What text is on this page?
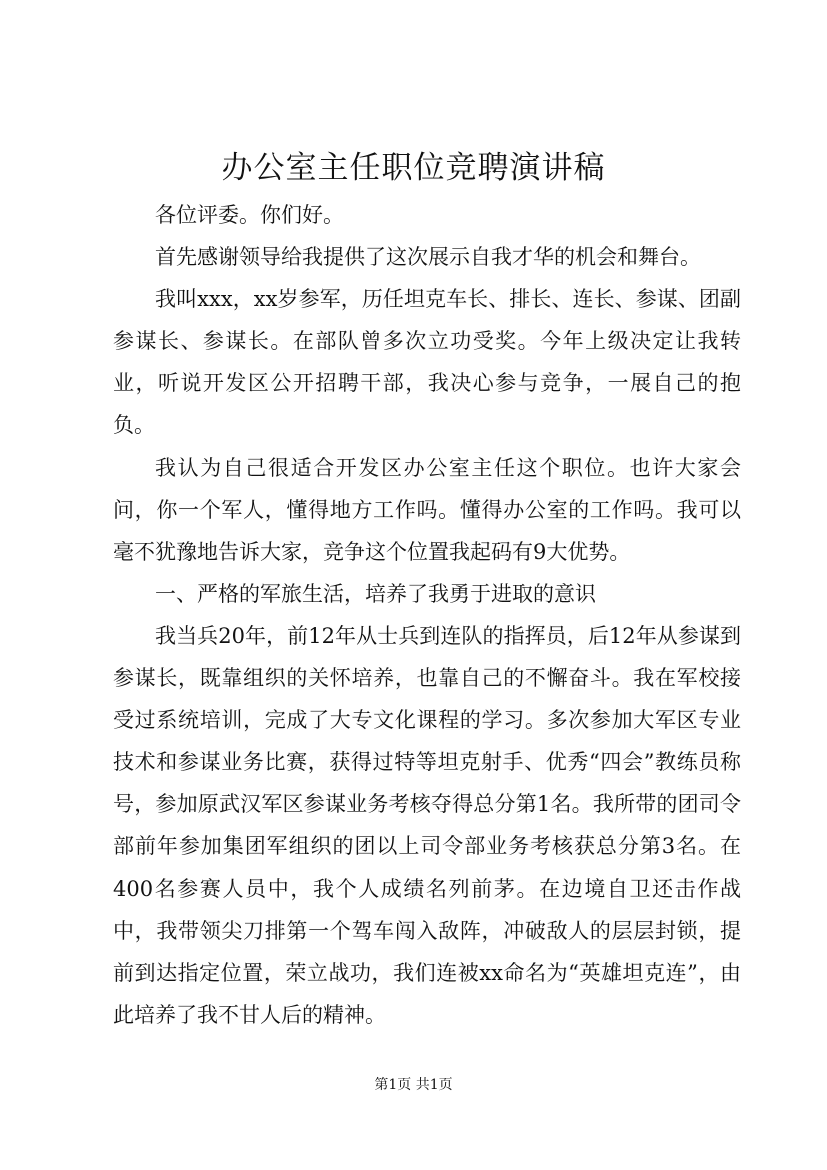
办公室主任职位竞聘演讲稿

各位评委。你们好。

首先感谢领导给我提供了这次展示自我才华的机会和舞台。

我叫xxx，xx岁参军，历任坦克车长、排长、连长、参谋、团副参谋长、参谋长。在部队曾多次立功受奖。今年上级决定让我转业，听说开发区公开招聘干部，我决心参与竞争，一展自己的抱负。

我认为自己很适合开发区办公室主任这个职位。也许大家会问，你一个军人，懂得地方工作吗。懂得办公室的工作吗。我可以毫不犹豫地告诉大家，竞争这个位置我起码有9大优势。

一、严格的军旅生活，培养了我勇于进取的意识

我当兵20年，前12年从士兵到连队的指挥员，后12年从参谋到参谋长，既靠组织的关怀培养，也靠自己的不懈奋斗。我在军校接受过系统培训，完成了大专文化课程的学习。多次参加大军区专业技术和参谋业务比赛，获得过特等坦克射手、优秀“四会”教练员称号，参加原武汉军区参谋业务考核夺得总分第1名。我所带的团司令部前年参加集团军组织的团以上司令部业务考核获总分第3名。在400名参赛人员中，我个人成绩名列前茅。在边境自卫还击作战中，我带领尖刀排第一个驾车闯入敌阵，冲破敌人的层层封锁，提前到达指定位置，荣立战功，我们连被xx命名为“英雄坦克连”，由此培养了我不甘人后的精神。

第1页 共1页
